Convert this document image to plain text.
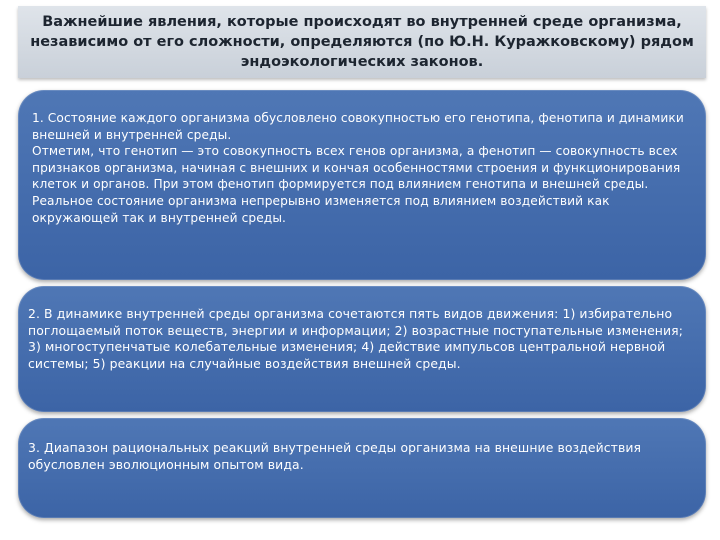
Важнейшие явления, которые происходят во внутренней среде организма, независимо от его сложности, определяются (по Ю.Н. Куражковскому) рядом эндоэкологических законов.

1. Состояние каждого организма обусловлено совокупностью его генотипа, фенотипа и динамики внешней и внутренней среды.

Отметим, что генотип — это совокупность всех генов организма, а фенотип — совокупность всех признаков организма, начиная с внешних и кончая особенностями строения и функционирования клеток и органов. При этом фенотип формируется под влиянием генотипа и внешней среды. Реальное состояние организма непрерывно изменяется под влиянием воздействий как окружающей так и внутренней среды.

2. В динамике внутренней среды организма сочетаются пять видов движения: 1) избирательно поглощаемый поток веществ, энергии и информации; 2) возрастные поступательные изменения; 3) многоступенчатые колебательные изменения; 4) действие импульсов центральной нервной системы; 5) реакции на случайные воздействия внешней среды.

3. Диапазон рациональных реакций внутренней среды организма на внешние воздействия обусловлен эволюционным опытом вида.
